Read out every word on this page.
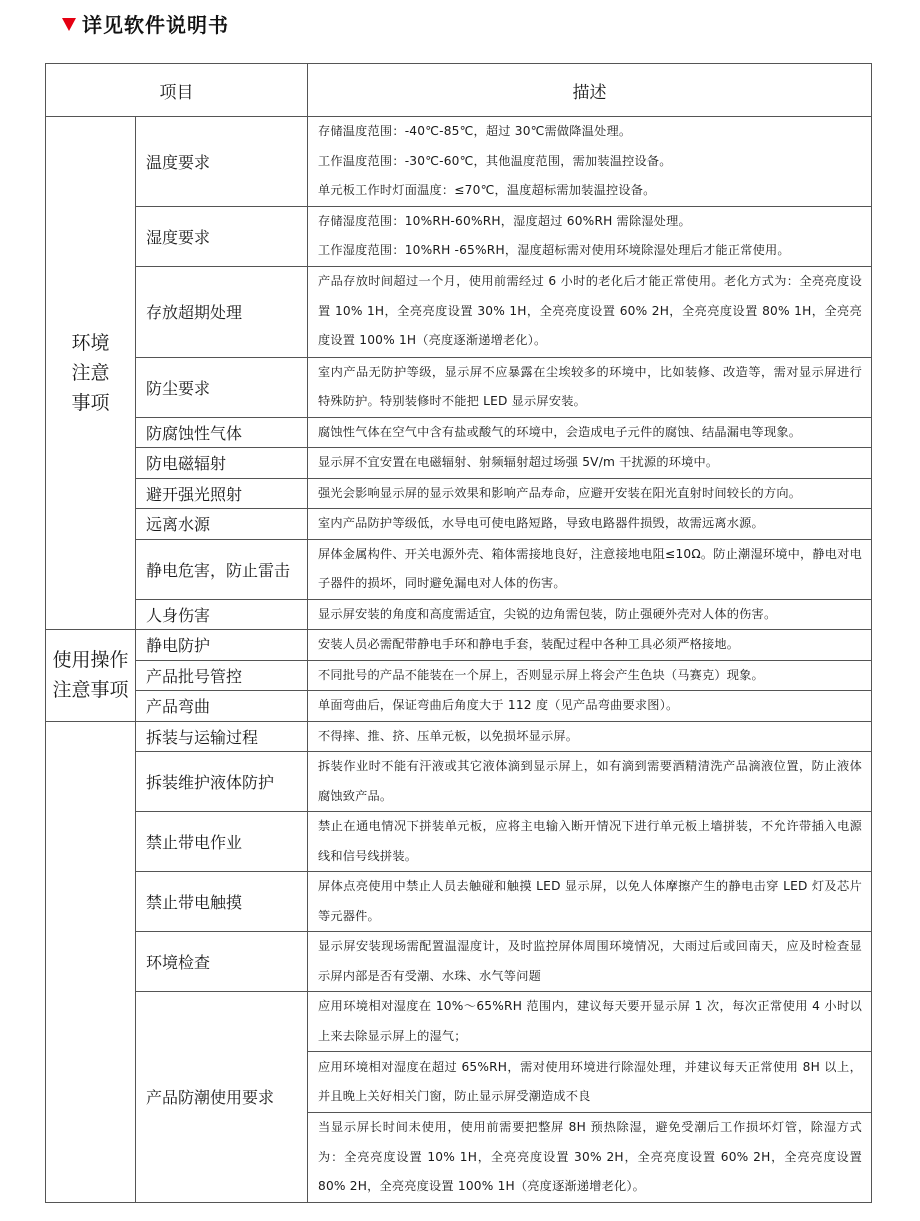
详见软件说明书
项目		描述
环境注意事项	温度要求	存储温度范围：-40℃-85℃，超过 30℃需做降温处理。
工作温度范围：-30℃-60℃，其他温度范围，需加装温控设备。
单元板工作时灯面温度：≤70℃，温度超标需加装温控设备。

	湿度要求	存储湿度范围：10%RH-60%RH，湿度超过 60%RH 需除湿处理。
工作湿度范围：10%RH -65%RH，湿度超标需对使用环境除湿处理后才能正常使用。

	存放超期处理	产品存放时间超过一个月，使用前需经过 6 小时的老化后才能正常使用。老化方式为：全亮亮度设置 10% 1H，全亮亮度设置 30% 1H，全亮亮度设置 60% 2H，全亮亮度设置 80% 1H，全亮亮度设置 100% 1H（亮度逐渐递增老化）。
	防尘要求	室内产品无防护等级，显示屏不应暴露在尘埃较多的环境中，比如装修、改造等，需对显示屏进行特殊防护。特别装修时不能把 LED 显示屏安装。
	防腐蚀性气体	腐蚀性气体在空气中含有盐或酸气的环境中，会造成电子元件的腐蚀、结晶漏电等现象。
	防电磁辐射	显示屏不宜安置在电磁辐射、射频辐射超过场强 5V/m 干扰源的环境中。
	避开强光照射	强光会影响显示屏的显示效果和影响产品寿命，应避开安装在阳光直射时间较长的方向。
	远离水源	室内产品防护等级低，水导电可使电路短路，导致电路器件损毁，故需远离水源。
	静电危害，防止雷击	屏体金属构件、开关电源外壳、箱体需接地良好，注意接地电阻≤10Ω。防止潮湿环境中，静电对电子器件的损坏，同时避免漏电对人体的伤害。
	人身伤害	显示屏安装的角度和高度需适宜，尖锐的边角需包装，防止强硬外壳对人体的伤害。
使用操作注意事项	静电防护	安装人员必需配带静电手环和静电手套，装配过程中各种工具必须严格接地。
	产品批号管控	不同批号的产品不能装在一个屏上，否则显示屏上将会产生色块（马赛克）现象。
	产品弯曲	单面弯曲后，保证弯曲后角度大于 112 度（见产品弯曲要求图）。
	拆装与运输过程	不得摔、推、挤、压单元板，以免损坏显示屏。
	拆装维护液体防护	拆装作业时不能有汗液或其它液体滴到显示屏上，如有滴到需要酒精清洗产品滴液位置，防止液体腐蚀致产品。
	禁止带电作业	禁止在通电情况下拼装单元板，应将主电输入断开情况下进行单元板上墙拼装，不允许带插入电源线和信号线拼装。
	禁止带电触摸	屏体点亮使用中禁止人员去触碰和触摸 LED 显示屏，以免人体摩擦产生的静电击穿 LED 灯及芯片等元器件。
	环境检查	显示屏安装现场需配置温湿度计，及时监控屏体周围环境情况，大雨过后或回南天，应及时检查显示屏内部是否有受潮、水珠、水气等问题
	产品防潮使用要求	应用环境相对湿度在 10%～65%RH 范围内，建议每天要开显示屏 1 次，每次正常使用 4 小时以上来去除显示屏上的湿气；
应用环境相对湿度在超过 65%RH，需对使用环境进行除湿处理，并建议每天正常使用 8H 以上，并且晚上关好相关门窗，防止显示屏受潮造成不良
当显示屏长时间未使用，使用前需要把整屏 8H 预热除湿，避免受潮后工作损坏灯管，除湿方式为：全亮亮度设置 10% 1H，全亮亮度设置 30% 2H，全亮亮度设置 60% 2H，全亮亮度设置 80% 2H，全亮亮度设置 100% 1H（亮度逐渐递增老化）。
